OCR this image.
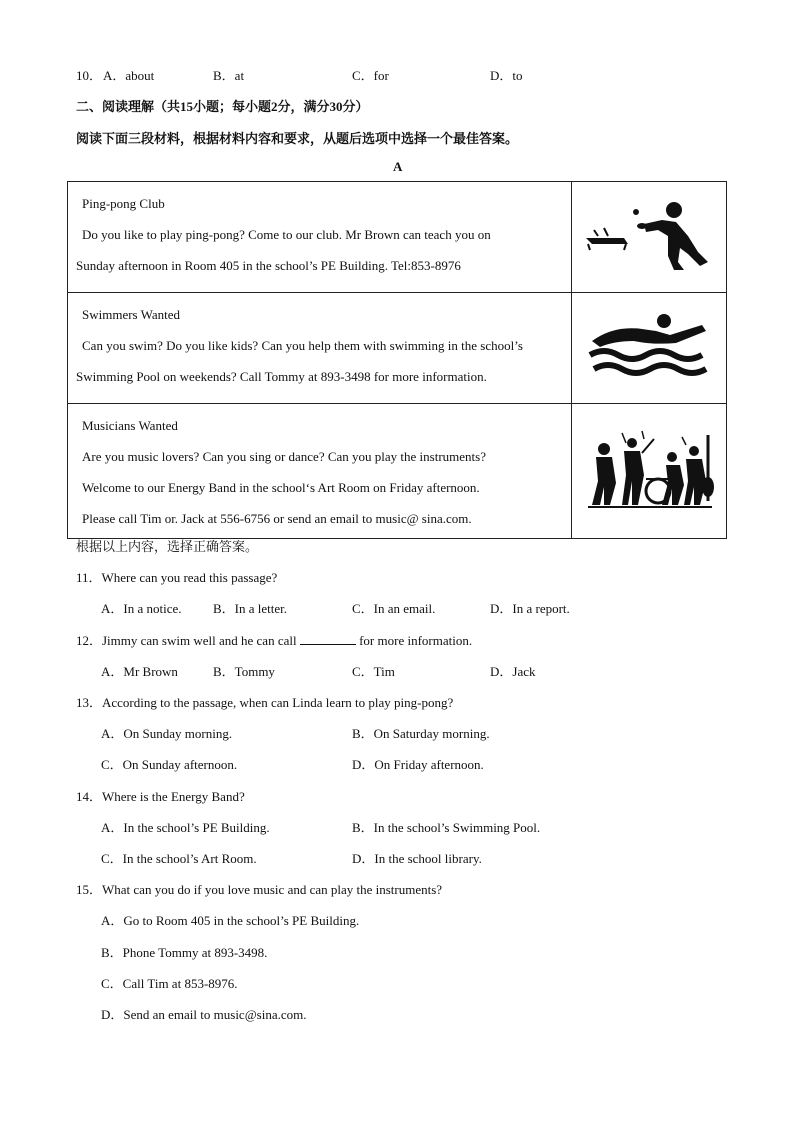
10． A．about	B．at	C．for	D．to
二、阅读理解（共15小题；每小题2分，满分30分）
阅读下面三段材料，根据材料内容和要求，从题后选项中选择一个最佳答案。
A
Ping-pong Club
Do you like to play ping-pong? Come to our club. Mr Brown can teach you on
Sunday afternoon in Room 405 in the school’s PE Building. Tel:853-8976

Swimmers Wanted
Can you swim? Do you like kids? Can you help them with swimming in the school’s
Swimming Pool on weekends? Call Tommy at 893-3498 for more information.

Musicians Wanted
Are you music lovers? Can you sing or dance? Can you play the instruments?
Welcome to our Energy Band in the school‘s Art Room on Friday afternoon.
Please call Tim or. Jack at 556-6756 or send an email to music@ sina.com.

根据以上内容，选择正确答案。
11．Where can you read this passage?
A．In a notice. B．In a letter.	C．In an email.	D．In a report.
12．Jimmy can swim well and he can call	for more information.
A．Mr Brown	B．Tommy	C．Tim	D．Jack
13．According to the passage, when can Linda learn to play ping-pong?
A．On Sunday morning.	B．On Saturday morning.
C．On Sunday afternoon.	D．On Friday afternoon.
14．Where is the Energy Band?
A．In the school’s PE Building.	B．In the school’s Swimming Pool.
C．In the school’s Art Room.	D．In the school library.
15．What can you do if you love music and can play the instruments?
A．Go to Room 405 in the school’s PE Building.
B．Phone Tommy at 893-3498.
C．Call Tim at 853-8976.
D．Send an email to music@sina.com.
